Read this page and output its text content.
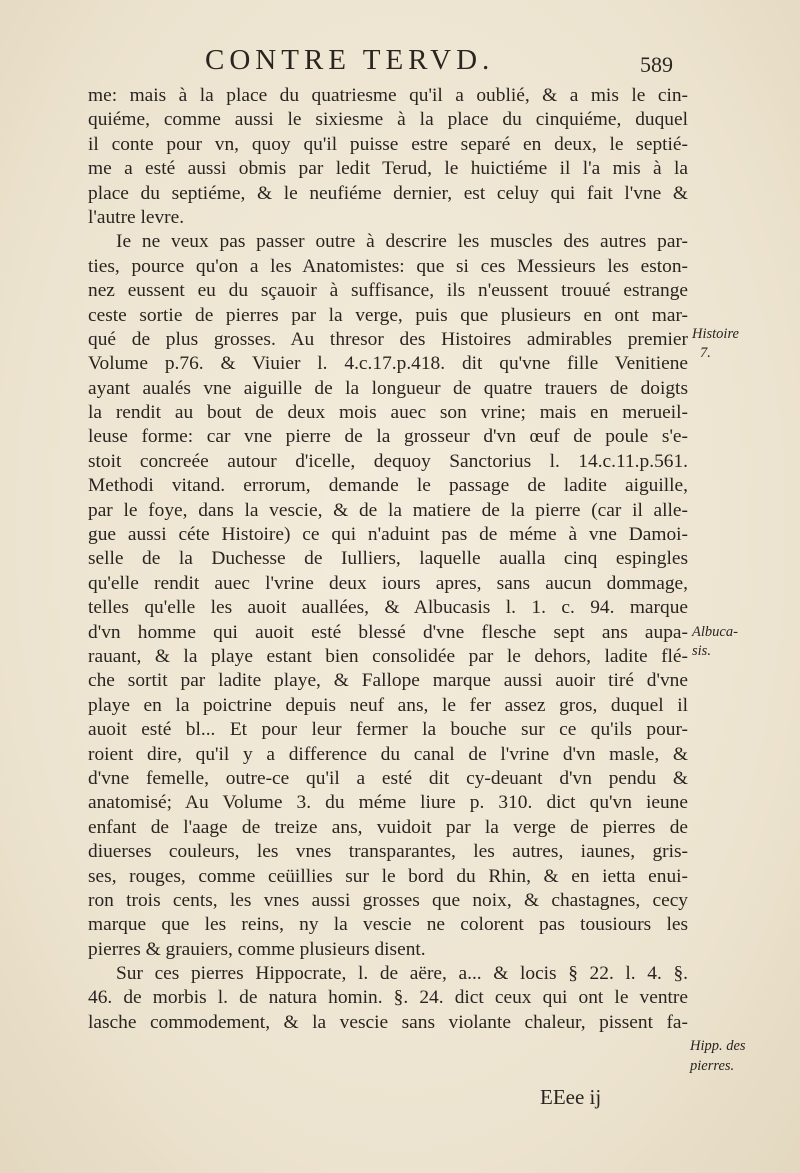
CONTRE TERVD.	589
me: mais à la place du quatriesme qu'il a oublié, & a mis le cin-
quiéme, comme aussi le sixiesme à la place du cinquiéme, duquel
il conte pour vn, quoy qu'il puisse estre separé en deux, le septié-
me a esté aussi obmis par ledit Terud, le huictiéme il l'a mis à la
place du septiéme, & le neufiéme dernier, est celuy qui fait l'vne &
l'autre levre.
Ie ne veux pas passer outre à descrire les muscles des autres par-
ties, pource qu'on a les Anatomistes: que si ces Messieurs les eston-
nez eussent eu du sçauoir à suffisance, ils n'eussent trouué estrange
ceste sortie de pierres par la verge, puis que plusieurs en ont mar-
qué de plus grosses. Au thresor des Histoires admirables premier
Volume p.76. & Viuier l. 4.c.17.p.418. dit qu'vne fille Venitiene
ayant aualés vne aiguille de la longueur de quatre trauers de doigts
la rendit au bout de deux mois auec son vrine; mais en merueil-
leuse forme: car vne pierre de la grosseur d'vn œuf de poule s'e-
stoit concreée autour d'icelle, dequoy Sanctorius l. 14.c.11.p.561.
Methodi vitand. errorum, demande le passage de ladite aiguille,
par le foye, dans la vescie, & de la matiere de la pierre (car il alle-
gue aussi céte Histoire) ce qui n'aduint pas de méme à vne Damoi-
selle de la Duchesse de Iulliers, laquelle aualla cinq espingles
qu'elle rendit auec l'vrine deux iours apres, sans aucun dommage,
telles qu'elle les auoit auallées, & Albucasis l. 1. c. 94. marque
d'vn homme qui auoit esté blessé d'vne flesche sept ans aupa-
rauant, & la playe estant bien consolidée par le dehors, ladite flé-
che sortit par ladite playe, & Fallope marque aussi auoir tiré d'vne
playe en la poictrine depuis neuf ans, le fer assez gros, duquel il
auoit esté bl... Et pour leur fermer la bouche sur ce qu'ils pour-
roient dire, qu'il y a difference du canal de l'vrine d'vn masle, &
d'vne femelle, outre-ce qu'il a esté dit cy-deuant d'vn pendu &
anatomisé; Au Volume 3. du méme liure p. 310. dict qu'vn ieune
enfant de l'aage de treize ans, vuidoit par la verge de pierres de
diuerses couleurs, les vnes transparantes, les autres, iaunes, gris-
ses, rouges, comme ceüillies sur le bord du Rhin, & en ietta enui-
ron trois cents, les vnes aussi grosses que noix, & chastagnes, cecy
marque que les reins, ny la vescie ne colorent pas tousiours les
pierres & grauiers, comme plusieurs disent.
Sur ces pierres Hippocrate, l. de aëre, a... & locis § 22. l. 4. §.
46. de morbis l. de natura homin. §. 24. dict ceux qui ont le ventre
lasche commodement, & la vescie sans violante chaleur, pissent fa-
Histoire
7.
Albuca-
sis.
Hipp. des
pierres.
EEee ij
